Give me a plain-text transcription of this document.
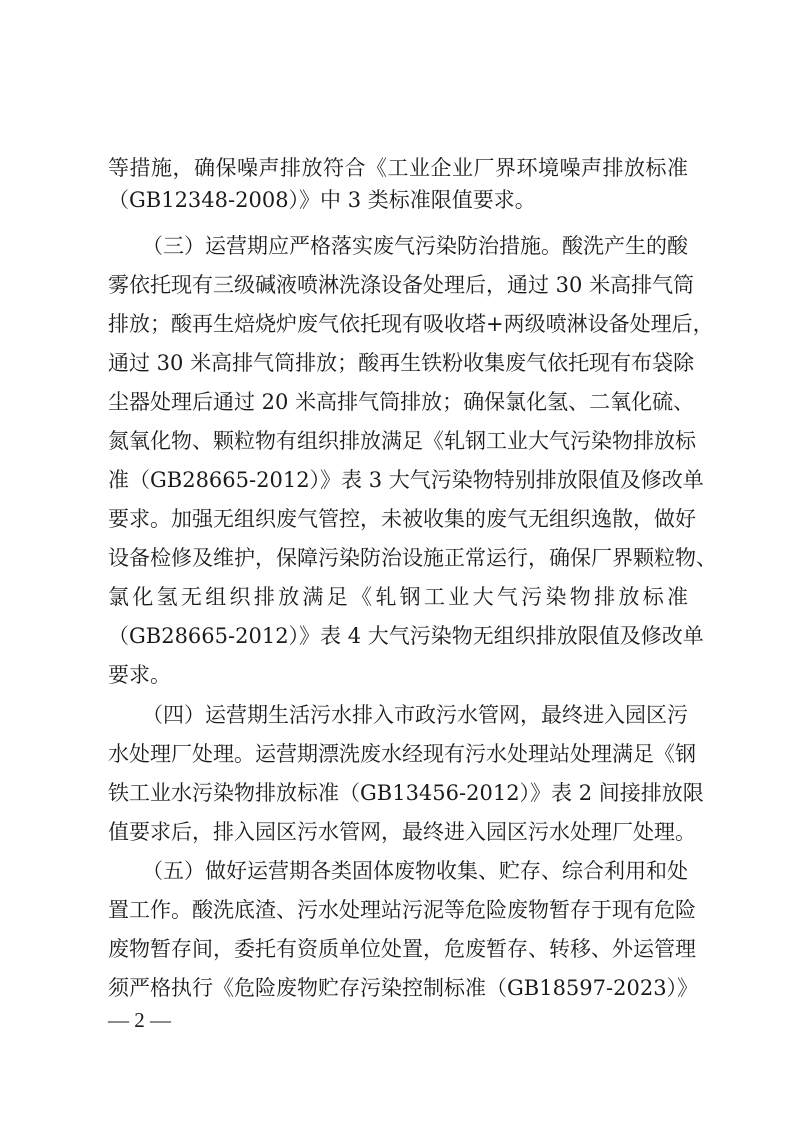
等措施，确保噪声排放符合《工业企业厂界环境噪声排放标准
（GB12348-2008）》中 3 类标准限值要求。
（三）运营期应严格落实废气污染防治措施。酸洗产生的酸
雾依托现有三级碱液喷淋洗涤设备处理后，通过 30 米高排气筒
排放；酸再生焙烧炉废气依托现有吸收塔+两级喷淋设备处理后，
通过 30 米高排气筒排放；酸再生铁粉收集废气依托现有布袋除
尘器处理后通过 20 米高排气筒排放；确保氯化氢、二氧化硫、
氮氧化物、颗粒物有组织排放满足《轧钢工业大气污染物排放标
准（GB28665-2012）》表 3 大气污染物特别排放限值及修改单
要求。加强无组织废气管控，未被收集的废气无组织逸散，做好
设备检修及维护，保障污染防治设施正常运行，确保厂界颗粒物、
氯化氢无组织排放满足《轧钢工业大气污染物排放标准
（GB28665-2012）》表 4 大气污染物无组织排放限值及修改单
要求。
（四）运营期生活污水排入市政污水管网，最终进入园区污
水处理厂处理。运营期漂洗废水经现有污水处理站处理满足《钢
铁工业水污染物排放标准（GB13456-2012）》表 2 间接排放限
值要求后，排入园区污水管网，最终进入园区污水处理厂处理。
（五）做好运营期各类固体废物收集、贮存、综合利用和处
置工作。酸洗底渣、污水处理站污泥等危险废物暂存于现有危险
废物暂存间，委托有资质单位处置，危废暂存、转移、外运管理
须严格执行《危险废物贮存污染控制标准（GB18597-2023）》
— 2 —
